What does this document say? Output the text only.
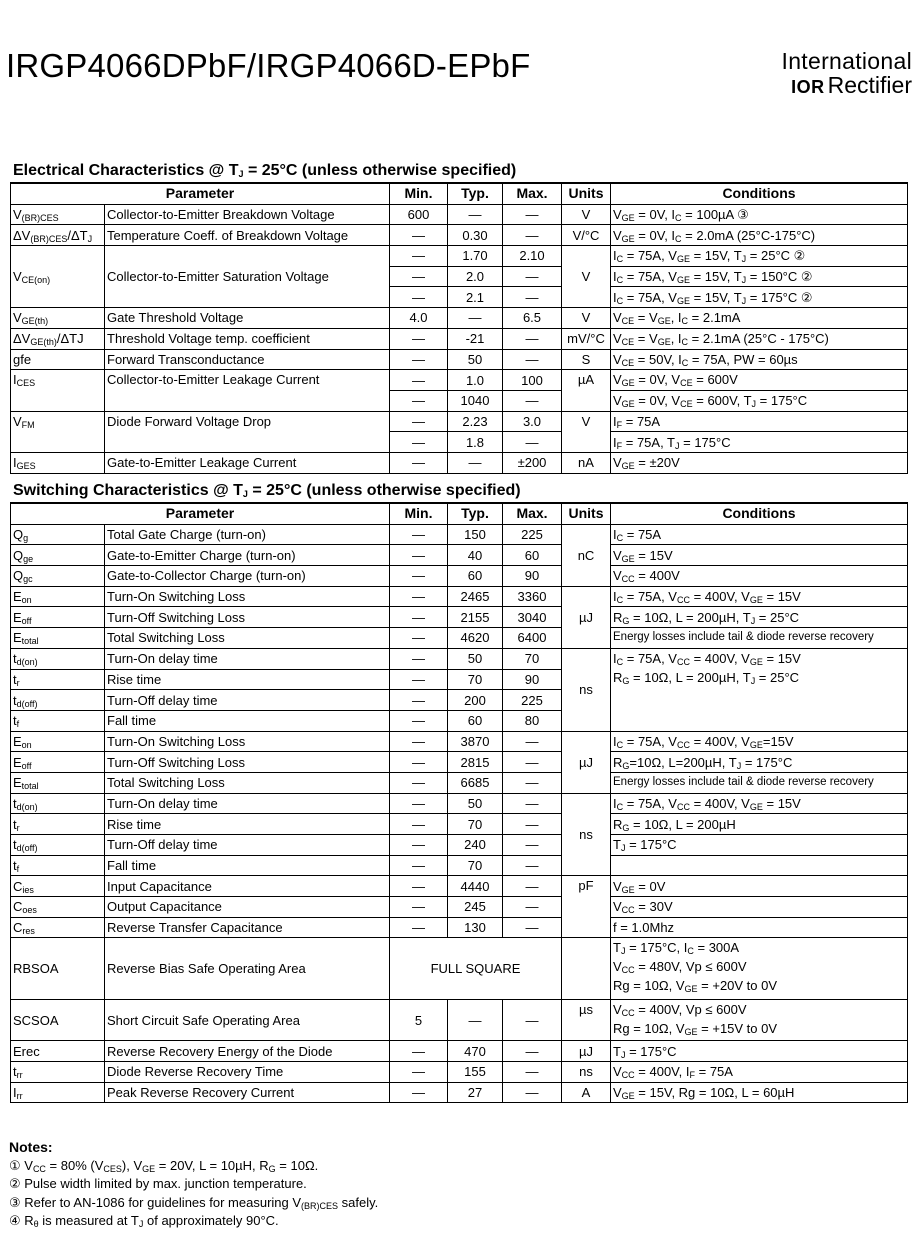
IRGP4066DPbF/IRGP4066D-EPbF	International
IOR Rectifier
Electrical Characteristics @ $T_J = 25^\circ C$ (unless otherwise specified)
Parameter		Min.	Typ.	Max.	Units	Conditions
$V_{(BR)CES}$	Collector-to-Emitter Breakdown Voltage	600	—	—	V	$V_{GE} = 0V$, $I_C = 100\mu A$ ③
$\Delta V_{(BR)CES}/\Delta T_J$	Temperature Coeff. of Breakdown Voltage	—	0.30	—	V/°C	$V_{GE} = 0V$, $I_C = 2.0mA$ (25°C-175°C)
$V_{CE(on)}$	Collector-to-Emitter Saturation Voltage	—	1.70	2.10	V	$I_C = 75A$, $V_{GE} = 15V$, $T_J = 25^\circ C$ ②
		—	2.0	—		$I_C = 75A$, $V_{GE} = 15V$, $T_J = 150^\circ C$ ②
		—	2.1	—		$I_C = 75A$, $V_{GE} = 15V$, $T_J = 175^\circ C$ ②
$V_{GE(th)}$	Gate Threshold Voltage	4.0	—	6.5	V	$V_{CE} = V_{GE}$, $I_C = 2.1mA$
$\Delta V_{GE(th)}$/ΔTJ	Threshold Voltage temp. coefficient	—	-21	—	mV/°C	$V_{CE} = V_{GE}$, $I_C = 2.1mA$ (25°C - 175°C)
gfe	Forward Transconductance	—	50	—	S	$V_{CE} = 50V$, $I_C = 75A$, PW = 60µs
$I_{CES}$	Collector-to-Emitter Leakage Current	—	1.0	100	µA	$V_{GE} = 0V$, $V_{CE} = 600V$
		—	1040	—		$V_{GE} = 0V$, $V_{CE} = 600V$, $T_J = 175^\circ C$
$V_{FM}$	Diode Forward Voltage Drop	—	2.23	3.0	V	$I_F = 75A$
		—	1.8	—		$I_F = 75A$, $T_J = 175^\circ C$
$I_{GES}$	Gate-to-Emitter Leakage Current	—	—	±200	nA	$V_{GE} = \pm 20V$
Switching Characteristics @ $T_J = 25^\circ C$ (unless otherwise specified)
Parameter		Min.	Typ.	Max.	Units	Conditions
$Q_g$	Total Gate Charge (turn-on)	—	150	225	nC	$I_C = 75A$
$Q_{ge}$	Gate-to-Emitter Charge (turn-on)	—	40	60		$V_{GE} = 15V$
$Q_{gc}$	Gate-to-Collector Charge (turn-on)	—	60	90		$V_{CC} = 400V$
$E_{on}$	Turn-On Switching Loss	—	2465	3360	µJ	$I_C = 75A$, $V_{CC} = 400V$, $V_{GE} = 15V$
$E_{off}$	Turn-Off Switching Loss	—	2155	3040		$R_G = 10\Omega$, L = 200µH, $T_J = 25^\circ C$
$E_{total}$	Total Switching Loss	—	4620	6400		Energy losses include tail & diode reverse recovery
$t_{d(on)}$	Turn-On delay time	—	50	70	ns	$I_C = 75A$, $V_{CC} = 400V$, $V_{GE} = 15V$
$R_G = 10\Omega$, L = 200µH, $T_J = 25^\circ C$
$t_r$	Rise time	—	70	90		
$t_{d(off)}$	Turn-Off delay time	—	200	225		
$t_f$	Fall time	—	60	80		
$E_{on}$	Turn-On Switching Loss	—	3870	—	µJ	$I_C = 75A$, $V_{CC} = 400V$, $V_{GE}=15V$
$E_{off}$	Turn-Off Switching Loss	—	2815	—		$R_G=10\Omega$, L=200µH, $T_J = 175^\circ C$
$E_{total}$	Total Switching Loss	—	6685	—		Energy losses include tail & diode reverse recovery
$t_{d(on)}$	Turn-On delay time	—	50	—	ns	$I_C = 75A$, $V_{CC} = 400V$, $V_{GE} = 15V$
$t_r$	Rise time	—	70	—		$R_G = 10\Omega$, L = 200µH
$t_{d(off)}$	Turn-Off delay time	—	240	—		$T_J = 175^\circ C$
$t_f$	Fall time	—	70	—		
$C_{ies}$	Input Capacitance	—	4440	—	pF	$V_{GE} = 0V$
$C_{oes}$	Output Capacitance	—	245	—		$V_{CC} = 30V$
$C_{res}$	Reverse Transfer Capacitance	—	130	—		f = 1.0Mhz
RBSOA	Reverse Bias Safe Operating Area	FULL SQUARE				$T_J = 175^\circ C$, $I_C = 300A$
$V_{CC} = 480V$, Vp ≤ 600V
Rg = 10Ω, $V_{GE} = +20V$ to 0V
SCSOA	Short Circuit Safe Operating Area	5	—	—	µs	$V_{CC} = 400V$, Vp ≤ 600V
Rg = 10Ω, $V_{GE} = +15V$ to 0V
Erec	Reverse Recovery Energy of the Diode	—	470	—	µJ	$T_J = 175^\circ C$
$t_{rr}$	Diode Reverse Recovery Time	—	155	—	ns	$V_{CC} = 400V$, $I_F = 75A$
$I_{rr}$	Peak Reverse Recovery Current	—	27	—	A	$V_{GE} = 15V$, Rg = 10Ω, L = 60µH
Notes:
① $V_{CC} = 80\%$ $(V_{CES})$, $V_{GE} = 20V$, L = 10µH, $R_G = 10\Omega$.
② Pulse width limited by max. junction temperature.
③ Refer to AN-1086 for guidelines for measuring $V_{(BR)CES}$ safely.
④ $R_\theta$ is measured at $T_J$ of approximately 90°C.
